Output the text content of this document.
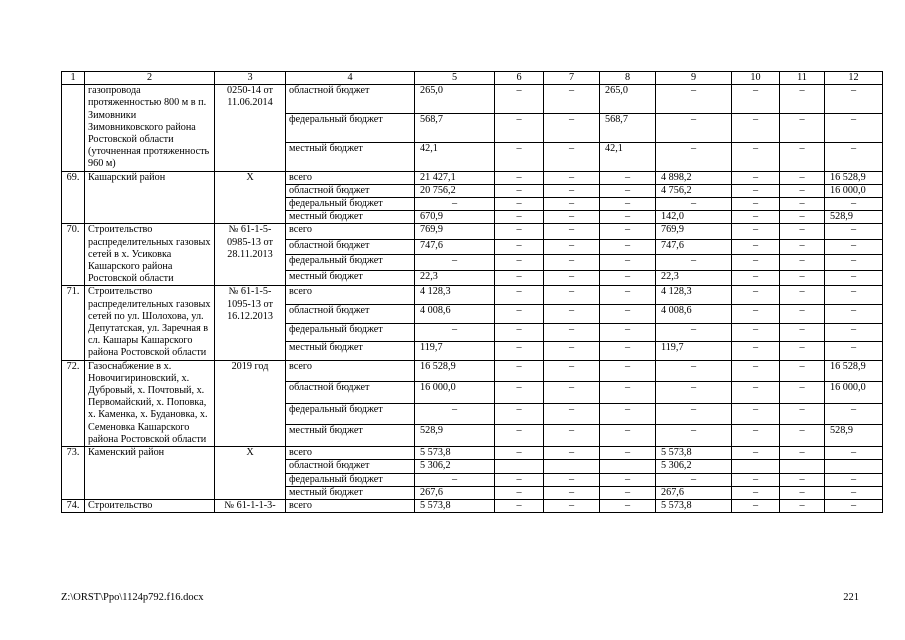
1	2	3	4	5	6	7	8	9	10	11	12
	газопровода протяженностью 800 м в п. Зимовники Зимовниковского района Ростовской области (уточненная протяженность 960 м)	0250-14 от 11.06.2014	областной бюджет	265,0	–	–	265,0	–	–	–	–
			федеральный бюджет	568,7	–	–	568,7	–	–	–	–
			местный бюджет	42,1	–	–	42,1	–	–	–	–
69.	Кашарский район	Х	всего	21 427,1	–	–	–	4 898,2	–	–	16 528,9
			областной бюджет	20 756,2	–	–	–	4 756,2	–	–	16 000,0
			федеральный бюджет	–	–	–	–	–	–	–	–
			местный бюджет	670,9	–	–	–	142,0	–	–	528,9
70.	Строительство распределительных газовых сетей в х. Усиковка Кашарского района Ростовской области	№ 61-1-5-0985-13 от 28.11.2013	всего	769,9	–	–	–	769,9	–	–	–
			областной бюджет	747,6	–	–	–	747,6	–	–	–
			федеральный бюджет	–	–	–	–	–	–	–	–
			местный бюджет	22,3	–	–	–	22,3	–	–	–
71.	Строительство распределительных газовых сетей по ул. Шолохова, ул. Депутатская, ул. Заречная в сл. Кашары Кашарского района Ростовской области	№ 61-1-5-1095-13 от 16.12.2013	всего	4 128,3	–	–	–	4 128,3	–	–	–
			областной бюджет	4 008,6	–	–	–	4 008,6	–	–	–
			федеральный бюджет	–	–	–	–	–	–	–	–
			местный бюджет	119,7	–	–	–	119,7	–	–	–
72.	Газоснабжение в х. Новочигириновский, х. Дубровый, х. Почтовый, х. Первомайский, х. Поповка, х. Каменка, х. Будановка, х. Семеновка Кашарского района Ростовской области	2019 год	всего	16 528,9	–	–	–	–	–	–	16 528,9
			областной бюджет	16 000,0	–	–	–	–	–	–	16 000,0
			федеральный бюджет	–	–	–	–	–	–	–	–
			местный бюджет	528,9	–	–	–	–	–	–	528,9
73.	Каменский район	Х	всего	5 573,8	–	–	–	5 573,8	–	–	–
			областной бюджет	5 306,2				5 306,2			
			федеральный бюджет	–	–	–	–	–	–	–	–
			местный бюджет	267,6	–	–	–	267,6	–	–	–
74.	Строительство	№ 61-1-1-3-	всего	5 573,8	–	–	–	5 573,8	–	–	–
Z:\ORST\Ppo\1124p792.f16.docx	221
